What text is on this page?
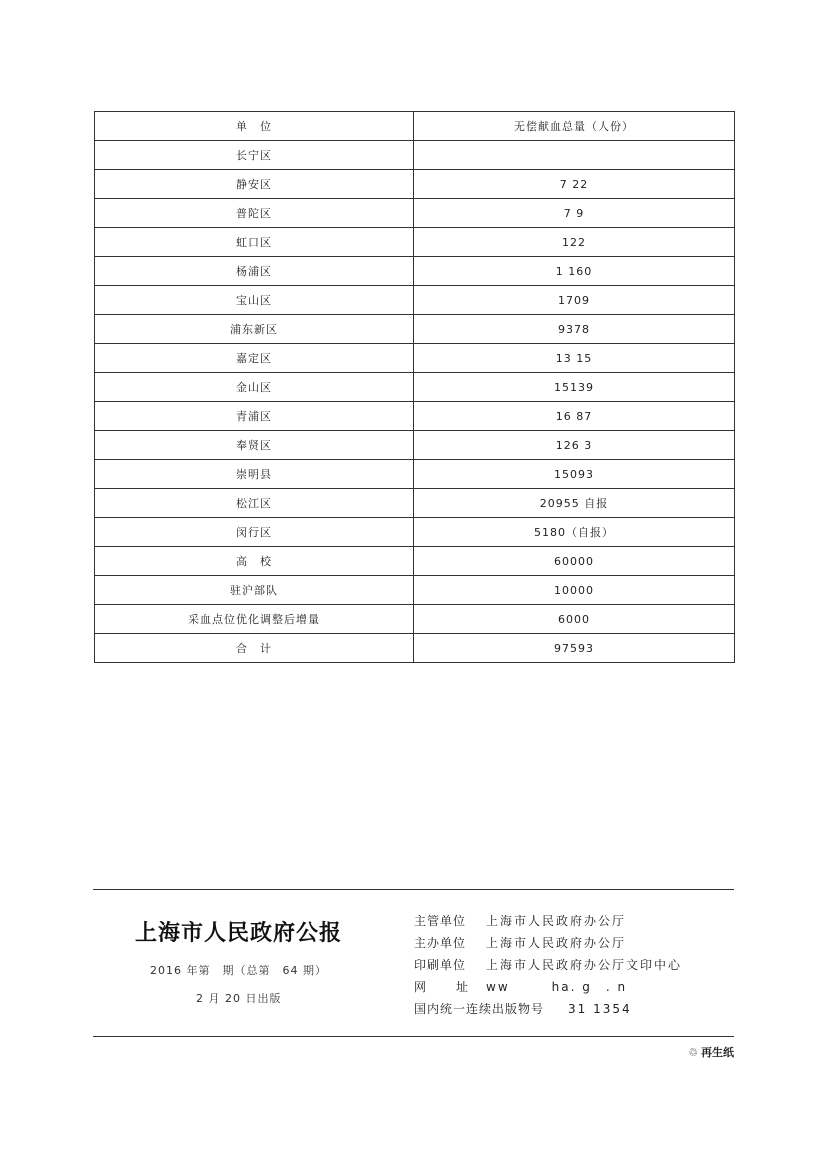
单　位	无偿献血总量（人份）
长宁区	
静安区	7 22
普陀区	7 9
虹口区	122
杨浦区	1 160
宝山区	1709
浦东新区	9378
嘉定区	13 15
金山区	15139
青浦区	16 87
奉贤区	126 3
崇明县	15093
松江区	20955 自报
闵行区	5180（自报）
高　校	60000
驻沪部队	10000
采血点位优化调整后增量	6000
合　计	97593
上海市人民政府公报
2016 年第　期（总第　64 期）
2 月 20 日出版
主管单位 上海市人民政府办公厅
主办单位 上海市人民政府办公厅
印刷单位 上海市人民政府办公厅文印中心
网址ww　　　ha. g　. n
国内统一连续出版物号 31 1354
♲ 再生纸
